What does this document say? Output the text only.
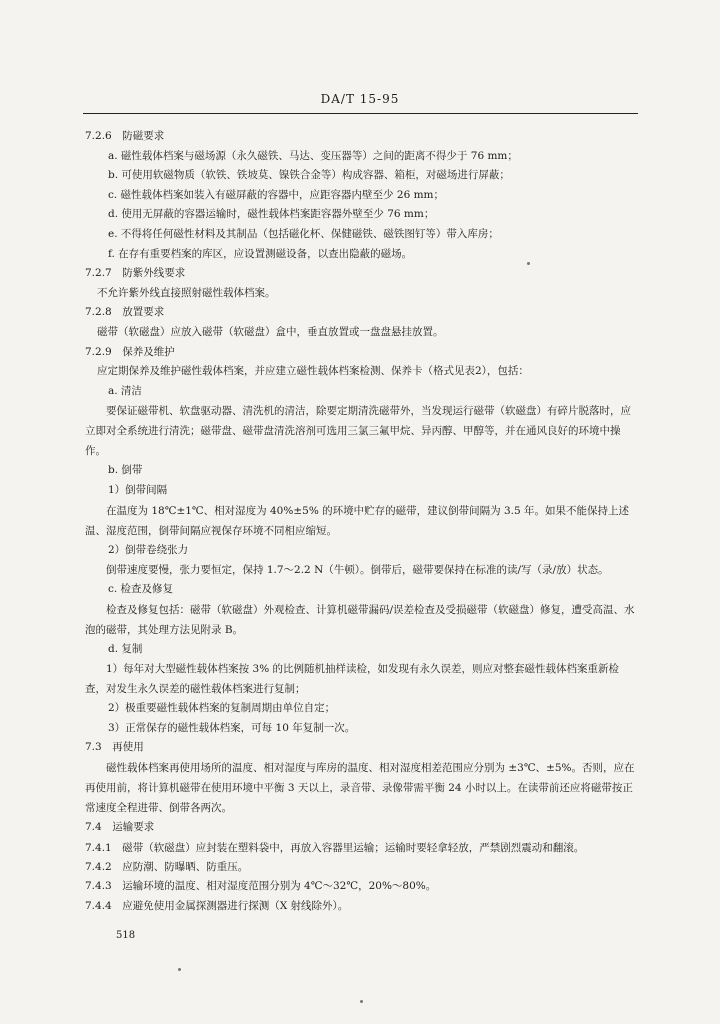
DA/T 15-95
7.2.6　防磁要求
a. 磁性载体档案与磁场源（永久磁铁、马达、变压器等）之间的距离不得少于 76 mm；
b. 可使用软磁物质（软铁、铁坡莫、镍铁合金等）构成容器、箱柜，对磁场进行屏蔽；
c. 磁性载体档案如装入有磁屏蔽的容器中，应距容器内壁至少 26 mm；
d. 使用无屏蔽的容器运输时，磁性载体档案距容器外壁至少 76 mm；
e. 不得将任何磁性材料及其制品（包括磁化杯、保健磁铁、磁铁图钉等）带入库房；
f. 在存有重要档案的库区，应设置测磁设备，以查出隐蔽的磁场。
7.2.7　防紫外线要求
不允许紫外线直接照射磁性载体档案。
7.2.8　放置要求
磁带（软磁盘）应放入磁带（软磁盘）盒中，垂直放置或一盘盘悬挂放置。
7.2.9　保养及维护
应定期保养及维护磁性载体档案，并应建立磁性载体档案检测、保养卡（格式见表2），包括：
a. 清洁
要保证磁带机、软盘驱动器、清洗机的清洁，除要定期清洗磁带外，当发现运行磁带（软磁盘）有碎片脱落时，应立即对全系统进行清洗；磁带盘、磁带盘清洗溶剂可选用三氯三氟甲烷、异丙醇、甲醇等，并在通风良好的环境中操作。
b. 倒带
1）倒带间隔
在温度为 18℃±1℃、相对湿度为 40%±5% 的环境中贮存的磁带，建议倒带间隔为 3.5 年。如果不能保持上述温、湿度范围，倒带间隔应视保存环境不同相应缩短。
2）倒带卷绕张力
倒带速度要慢，张力要恒定，保持 1.7～2.2 N（牛顿）。倒带后，磁带要保持在标准的读/写（录/放）状态。
c. 检查及修复
检查及修复包括：磁带（软磁盘）外观检查、计算机磁带漏码/误差检查及受损磁带（软磁盘）修复，遭受高温、水泡的磁带，其处理方法见附录 B。
d. 复制
1）每年对大型磁性载体档案按 3% 的比例随机抽样读检，如发现有永久误差，则应对整套磁性载体档案重新检查，对发生永久误差的磁性载体档案进行复制；
2）极重要磁性载体档案的复制周期由单位自定；
3）正常保存的磁性载体档案，可每 10 年复制一次。
7.3　再使用
磁性载体档案再使用场所的温度、相对湿度与库房的温度、相对湿度相差范围应分别为 ±3℃、±5%。否则，应在再使用前，将计算机磁带在使用环境中平衡 3 天以上，录音带、录像带需平衡 24 小时以上。在读带前还应将磁带按正常速度全程进带、倒带各两次。
7.4　运输要求
7.4.1　磁带（软磁盘）应封装在塑料袋中，再放入容器里运输；运输时要轻拿轻放，严禁剧烈震动和翻滚。
7.4.2　应防潮、防曝晒、防重压。
7.4.3　运输环境的温度、相对湿度范围分别为 4℃～32℃，20%～80%。
7.4.4　应避免使用金属探测器进行探测（X 射线除外）。
518
